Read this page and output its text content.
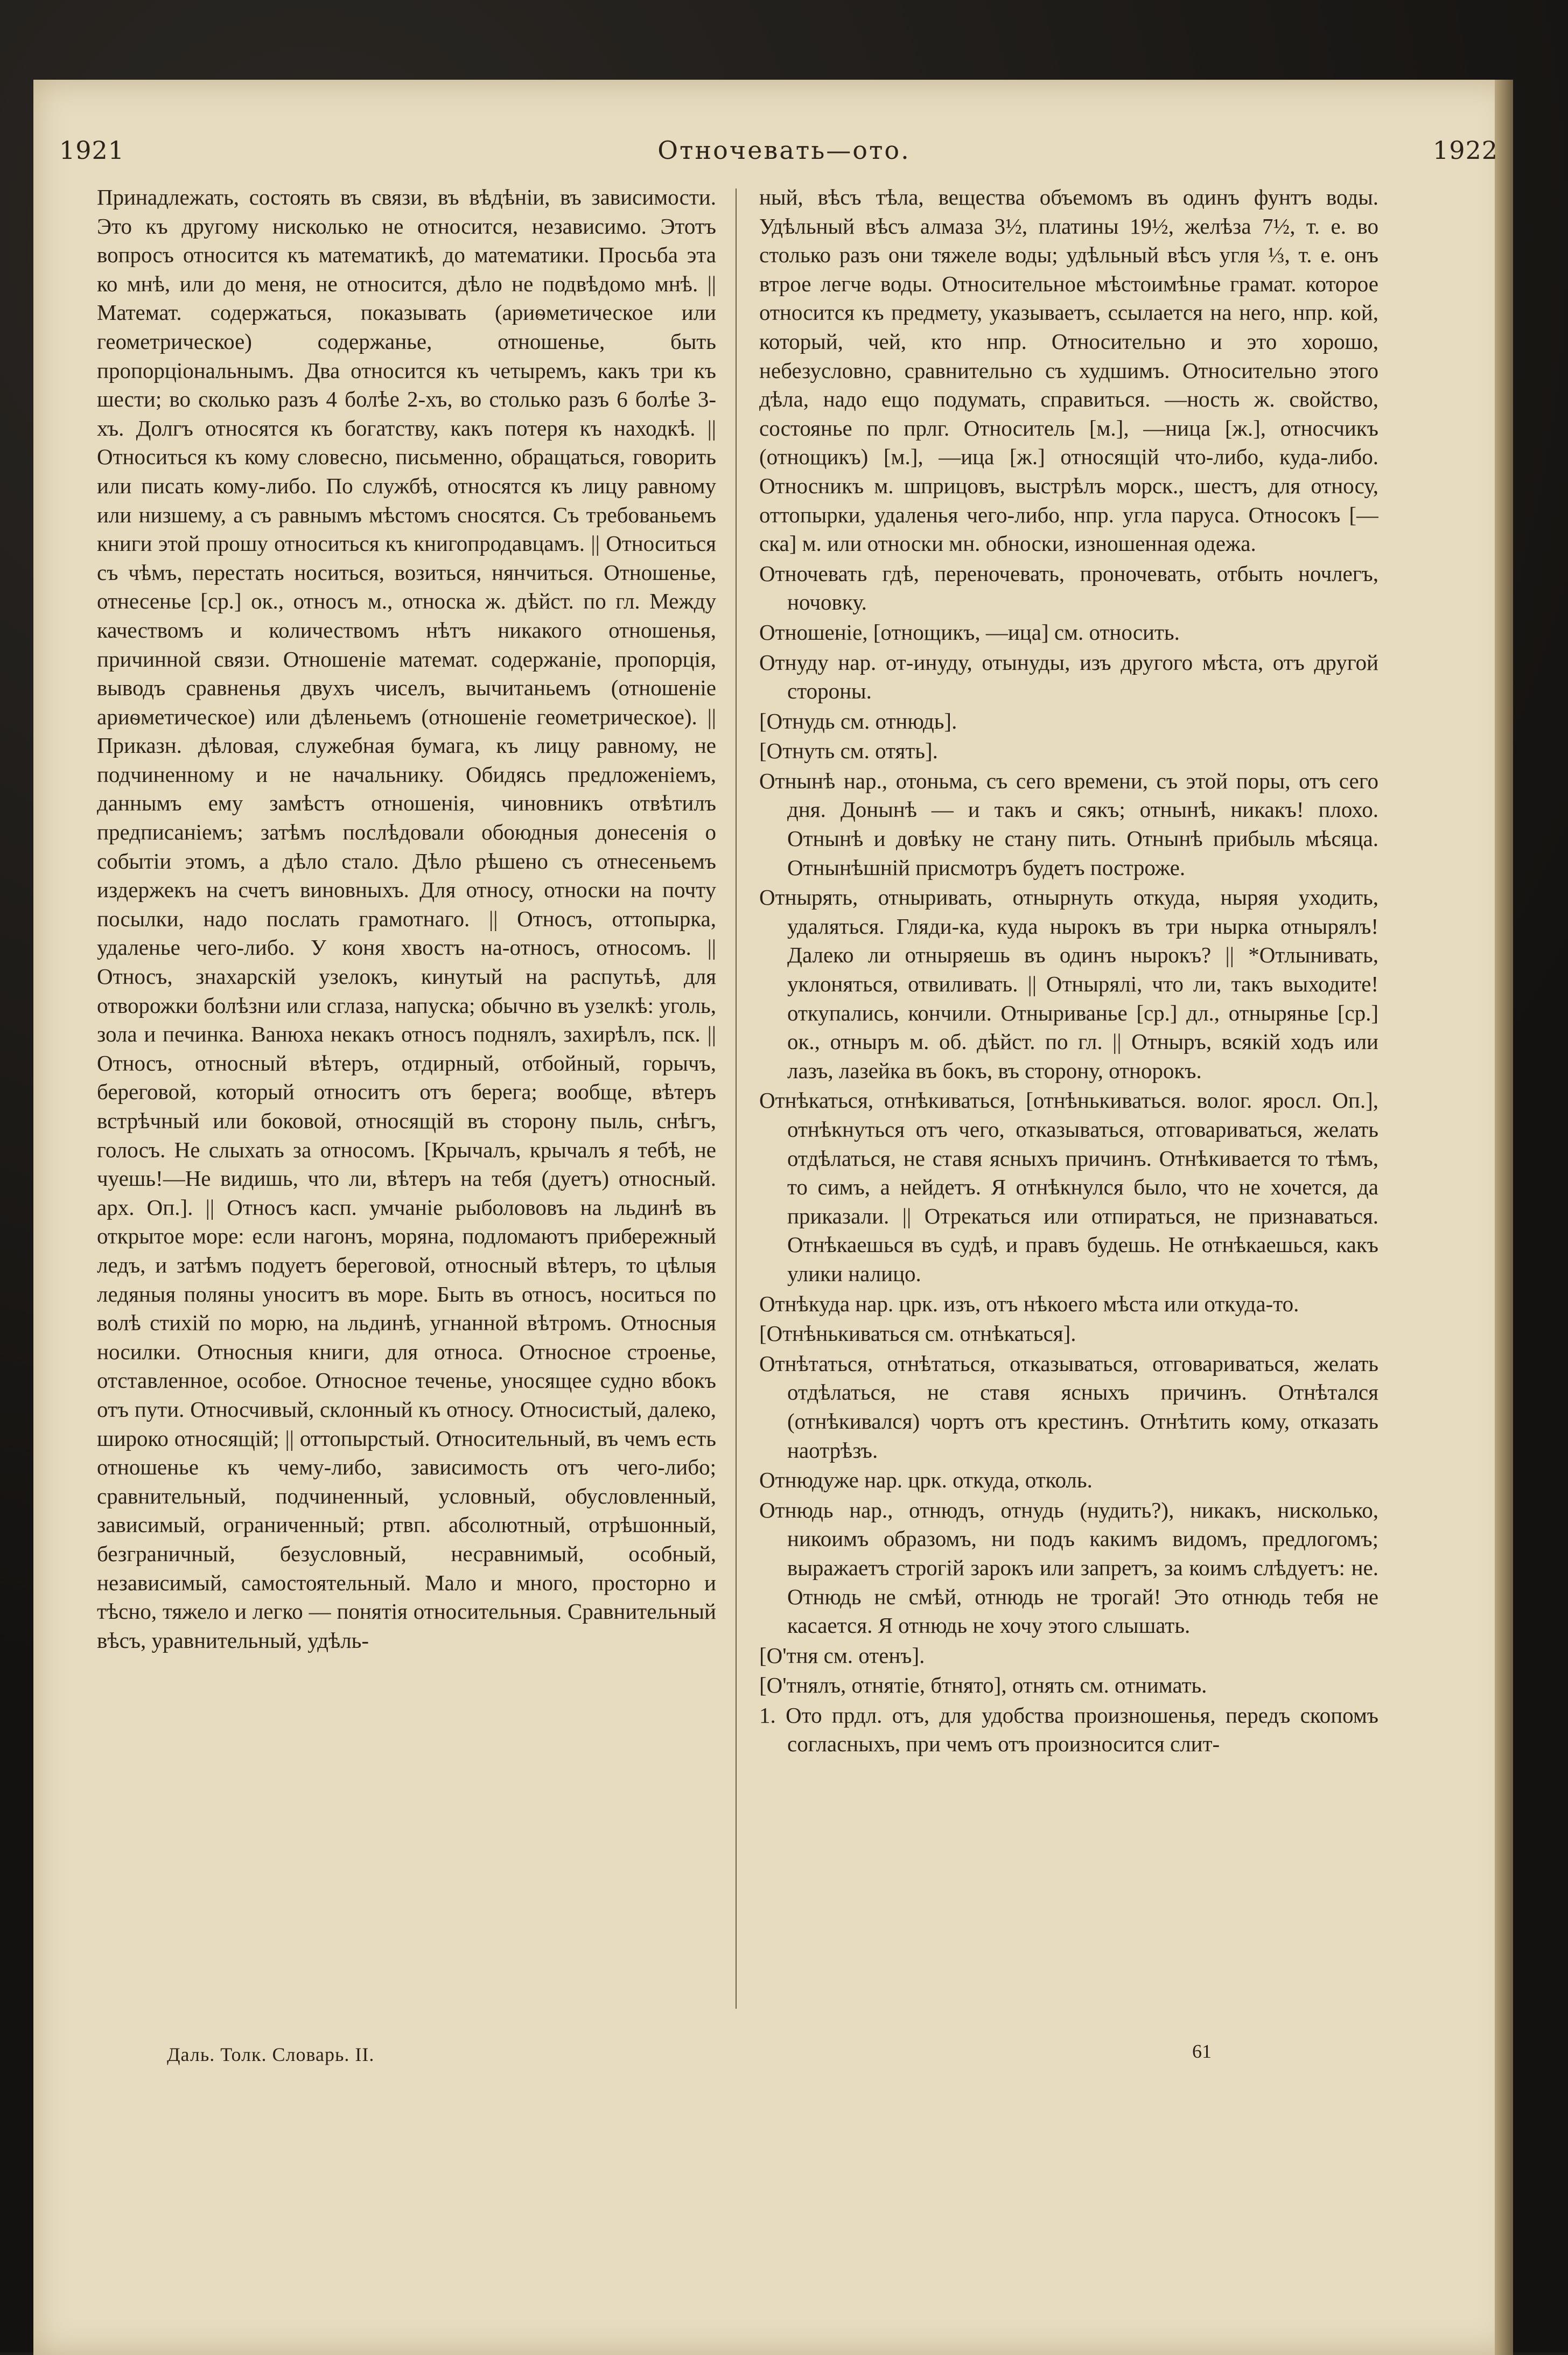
1921	Отночевать—ото.	1922
Принадлежать, состоять въ связи, въ вѣдѣнiи, въ зависимости. Это къ другому нисколько не относится, независимо. Этотъ вопросъ относится къ математикѣ, до математики. Просьба эта ко мнѣ, или до меня, не относится, дѣло не подвѣдомо мнѣ. || Математ. содержаться, показывать (ариѳметическое или геометрическое) содержанье, отношенье, быть пропорцiональнымъ. Два относится къ четыремъ, какъ три къ шести; во сколько разъ 4 болѣе 2-хъ, во столько разъ 6 болѣе 3-хъ. Долгъ относятся къ богатству, какъ потеря къ находкѣ. || Относиться къ кому словесно, письменно, обращаться, говорить или писать кому-либо. По службѣ, относятся къ лицу равному или низшему, а съ равнымъ мѣстомъ сносятся. Съ требованьемъ книги этой прошу относиться къ книгопродавцамъ. || Относиться съ чѣмъ, перестать носиться, возиться, нянчиться. Отношенье, отнесенье [ср.] ок., относъ м., относка ж. дѣйст. по гл. Между качествомъ и количествомъ нѣтъ никакого отношенья, причинной связи. Отношенiе математ. содержанiе, пропорцiя, выводъ сравненья двухъ чиселъ, вычитаньемъ (отношенiе ариѳметическое) или дѣленьемъ (отношенiе геометрическое). || Приказн. дѣловая, служебная бумага, къ лицу равному, не подчиненному и не начальнику. Обидясь предложенiемъ, даннымъ ему замѣстъ отношенiя, чиновникъ отвѣтилъ предписанiемъ; затѣмъ послѣдовали обоюдныя донесенiя о событiи этомъ, а дѣло стало. Дѣло рѣшено съ отнесеньемъ издержекъ на счетъ виновныхъ. Для относу, относки на почту посылки, надо послать грамотнаго. || Относъ, оттопырка, удаленье чего-либо. У коня хвостъ на-относъ, относомъ. || Относъ, знахарскiй узелокъ, кинутый на распутьѣ, для отворожки болѣзни или сглаза, напуска; обычно въ узелкѣ: уголь, зола и печинка. Ванюха некакъ относъ поднялъ, захирѣлъ, пск. || Относъ, относный вѣтеръ, отдирный, отбойный, горычъ, береговой, который относитъ отъ берега; вообще, вѣтеръ встрѣчный или боковой, относящiй въ сторону пыль, снѣгъ, голосъ. Не слыхать за относомъ. [Крычалъ, крычалъ я тебѣ, не чуешь!—Не видишь, что ли, вѣтеръ на тебя (дуетъ) относный. арх. Оп.]. || Относъ касп. умчанiе рыболововъ на льдинѣ въ открытое море: если нагонъ, моряна, подломаютъ прибережный ледъ, и затѣмъ подуетъ береговой, относный вѣтеръ, то цѣлыя ледяныя поляны уноситъ въ море. Быть въ относъ, носиться по волѣ стихiй по морю, на льдинѣ, угнанной вѣтромъ. Относныя носилки. Относныя книги, для относа. Относное строенье, отставленное, особое. Относное теченье, уносящее судно вбокъ отъ пути. Относчивый, склонный къ относу. Относистый, далеко, широко относящiй; || оттопырстый. Относительный, въ чемъ есть отношенье къ чему-либо, зависимость отъ чего-либо; сравнительный, подчиненный, условный, обусловленный, зависимый, ограниченный; ртвп. абсолютный, отрѣшонный, безграничный, безусловный, несравнимый, особный, независимый, самостоятельный. Мало и много, просторно и тѣсно, тяжело и легко — понятiя относительныя. Сравнительный вѣсъ, уравнительный, удѣль-
ный, вѣсъ тѣла, вещества объемомъ въ одинъ фунтъ воды. Удѣльный вѣсъ алмаза 3½, платины 19½, желѣза 7½, т. е. во столько разъ они тяжеле воды; удѣльный вѣсъ угля ⅓, т. е. онъ втрое легче воды. Относительное мѣстоимѣнье грамат. которое относится къ предмету, указываетъ, ссылается на него, нпр. кой, который, чей, кто нпр. Относительно и это хорошо, небезусловно, сравнительно съ худшимъ. Относительно этого дѣла, надо ещо подумать, справиться. —ность ж. свойство, состоянье по прлг. Относитель [м.], —ница [ж.], относчикъ (отнощикъ) [м.], —ица [ж.] относящiй что-либо, куда-либо. Относникъ м. шприцовъ, выстрѣлъ морск., шестъ, для относу, оттопырки, удаленья чего-либо, нпр. угла паруса. Относокъ [—ска] м. или относки мн. обноски, изношенная одежа.
Отночевать гдѣ, переночевать, проночевать, отбыть ночлегъ, ночовку.
Отношенiе, [отнощикъ, —ица] см. относить.
Отнуду нар. от-инуду, отынуды, изъ другого мѣста, отъ другой стороны.
[Отнудь см. отнюдь].
[Отнуть см. отять].
Отнынѣ нар., отоньма, съ сего времени, съ этой поры, отъ сего дня. Донынѣ — и такъ и сякъ; отнынѣ, никакъ! плохо. Отнынѣ и довѣку не стану пить. Отнынѣ прибыль мѣсяца. Отнынѣшнiй присмотръ будетъ построже.
Отнырять, отныривать, отнырнуть откуда, ныряя уходить, удаляться. Гляди-ка, куда нырокъ въ три нырка отнырялъ! Далеко ли отныряешь въ одинъ нырокъ? || *Отлынивать, уклоняться, отвиливать. || Отнырялi, что ли, такъ выходите! откупались, кончили. Отныриванье [ср.] дл., отнырянье [ср.] ок., отныръ м. об. дѣйст. по гл. || Отныръ, всякiй ходъ или лазъ, лазейка въ бокъ, въ сторону, отнорокъ.
Отнѣкаться, отнѣкиваться, [отнѣнькиваться. волог. яросл. Оп.], отнѣкнуться отъ чего, отказываться, отговариваться, желать отдѣлаться, не ставя ясныхъ причинъ. Отнѣкивается то тѣмъ, то симъ, а нейдетъ. Я отнѣкнулся было, что не хочется, да приказали. || Отрекаться или отпираться, не признаваться. Отнѣкаешься въ судѣ, и правъ будешь. Не отнѣкаешься, какъ улики налицо.
Отнѣкуда нар. црк. изъ, отъ нѣкоего мѣста или откуда-то.
[Отнѣнькиваться см. отнѣкаться].
Отнѣтаться, отнѣтаться, отказываться, отговариваться, желать отдѣлаться, не ставя ясныхъ причинъ. Отнѣтался (отнѣкивался) чортъ отъ крестинъ. Отнѣтить кому, отказать наотрѣзъ.
Отнюдуже нар. црк. откуда, отколь.
Отнюдь нар., отнюдъ, отнудь (нудить?), никакъ, нисколько, никоимъ образомъ, ни подъ какимъ видомъ, предлогомъ; выражаетъ строгiй зарокъ или запретъ, за коимъ слѣдуетъ: не. Отнюдь не смѣй, отнюдь не трогай! Это отнюдь тебя не касается. Я отнюдь не хочу этого слышать.
[О'тня см. отенъ].
[О'тнялъ, отнятiе, бтнято], отнять см. отнимать.
1. Ото прдл. отъ, для удобства произношенья, передъ скопомъ согласныхъ, при чемъ отъ произносится слит-
Даль. Толк. Словарь. II.	61
